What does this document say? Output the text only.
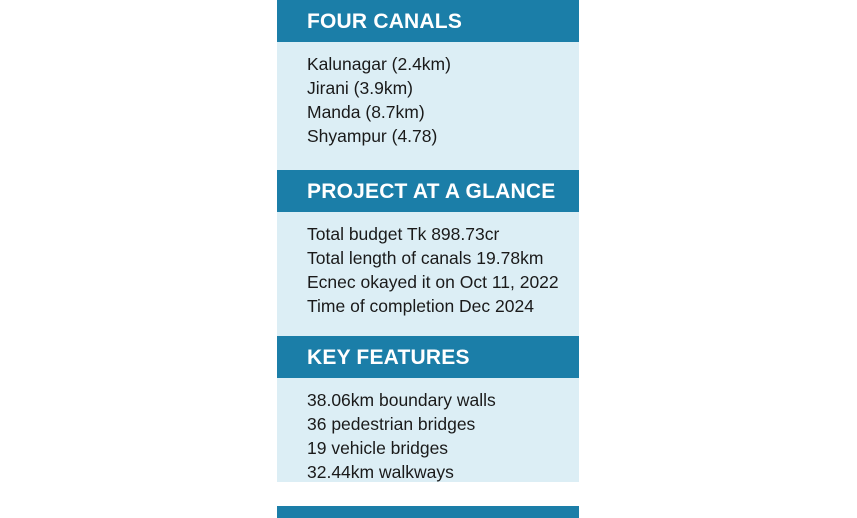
FOUR CANALS
Kalunagar (2.4km)
Jirani (3.9km)
Manda (8.7km)
Shyampur (4.78)
PROJECT AT A GLANCE
Total budget Tk 898.73cr
Total length of canals 19.78km
Ecnec okayed it on Oct 11, 2022
Time of completion Dec 2024
KEY FEATURES
38.06km boundary walls
36 pedestrian bridges
19 vehicle bridges
32.44km walkways
